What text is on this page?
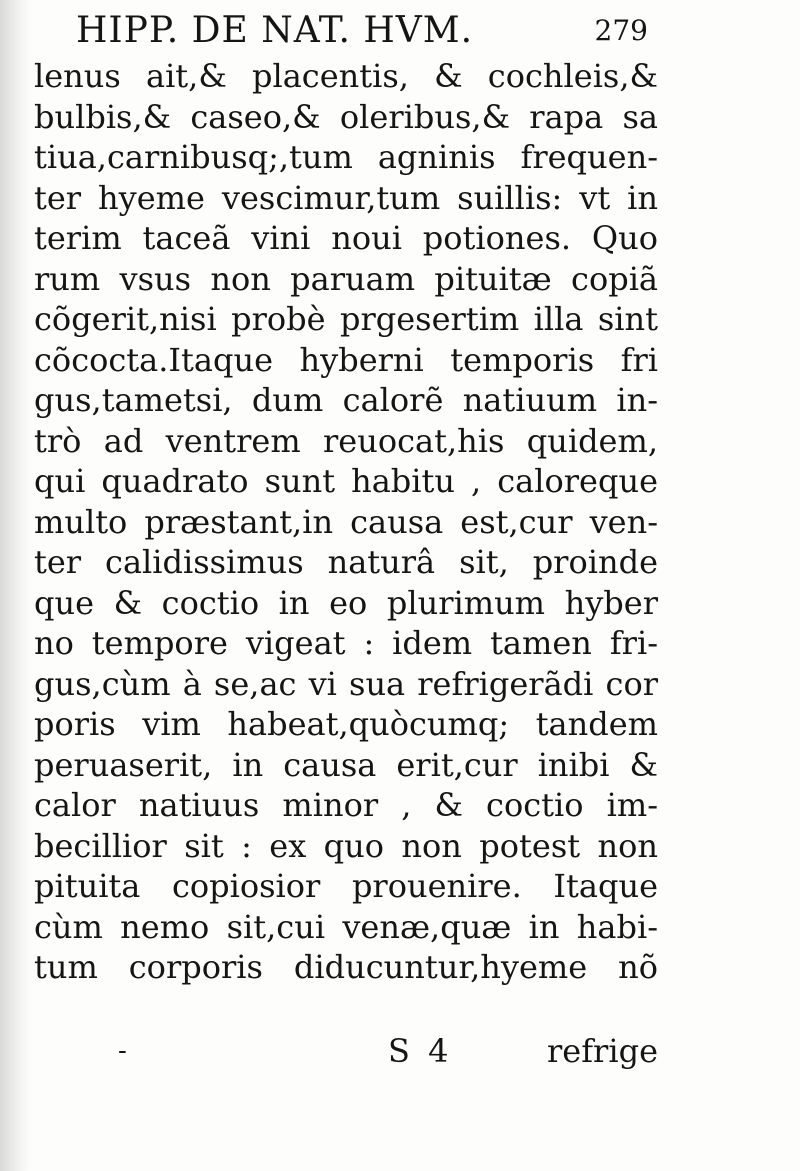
HIPP. DE NAT. HVM.	279
lenus ait,& placentis, & cochleis,&
bulbis,& caseo,& oleribus,& rapa sa
tiua,carnibusq;,tum agninis frequen-
ter hyeme vescimur,tum suillis: vt in
terim taceã vini noui potiones. Quo
rum vsus non paruam pituitæ copiã
cõgerit,nisi probè prgesertim illa sint
cõcocta.Itaque hyberni temporis fri
gus,tametsi, dum calorẽ natiuum in-
trò ad ventrem reuocat,his quidem,
qui quadrato sunt habitu , caloreque
multo præstant,in causa est,cur ven-
ter calidissimus naturâ sit, proinde
que & coctio in eo plurimum hyber
no tempore vigeat : idem tamen fri-
gus,cùm à se,ac vi sua refrigerãdi cor
poris vim habeat,quòcumq; tandem
peruaserit, in causa erit,cur inibi &
calor natiuus minor , & coctio im-
becillior sit : ex quo non potest non
pituita copiosior prouenire. Itaque
cùm nemo sit,cui venæ,quæ in habi-
tum corporis diducuntur,hyeme nõ
-	S 4	refrige
